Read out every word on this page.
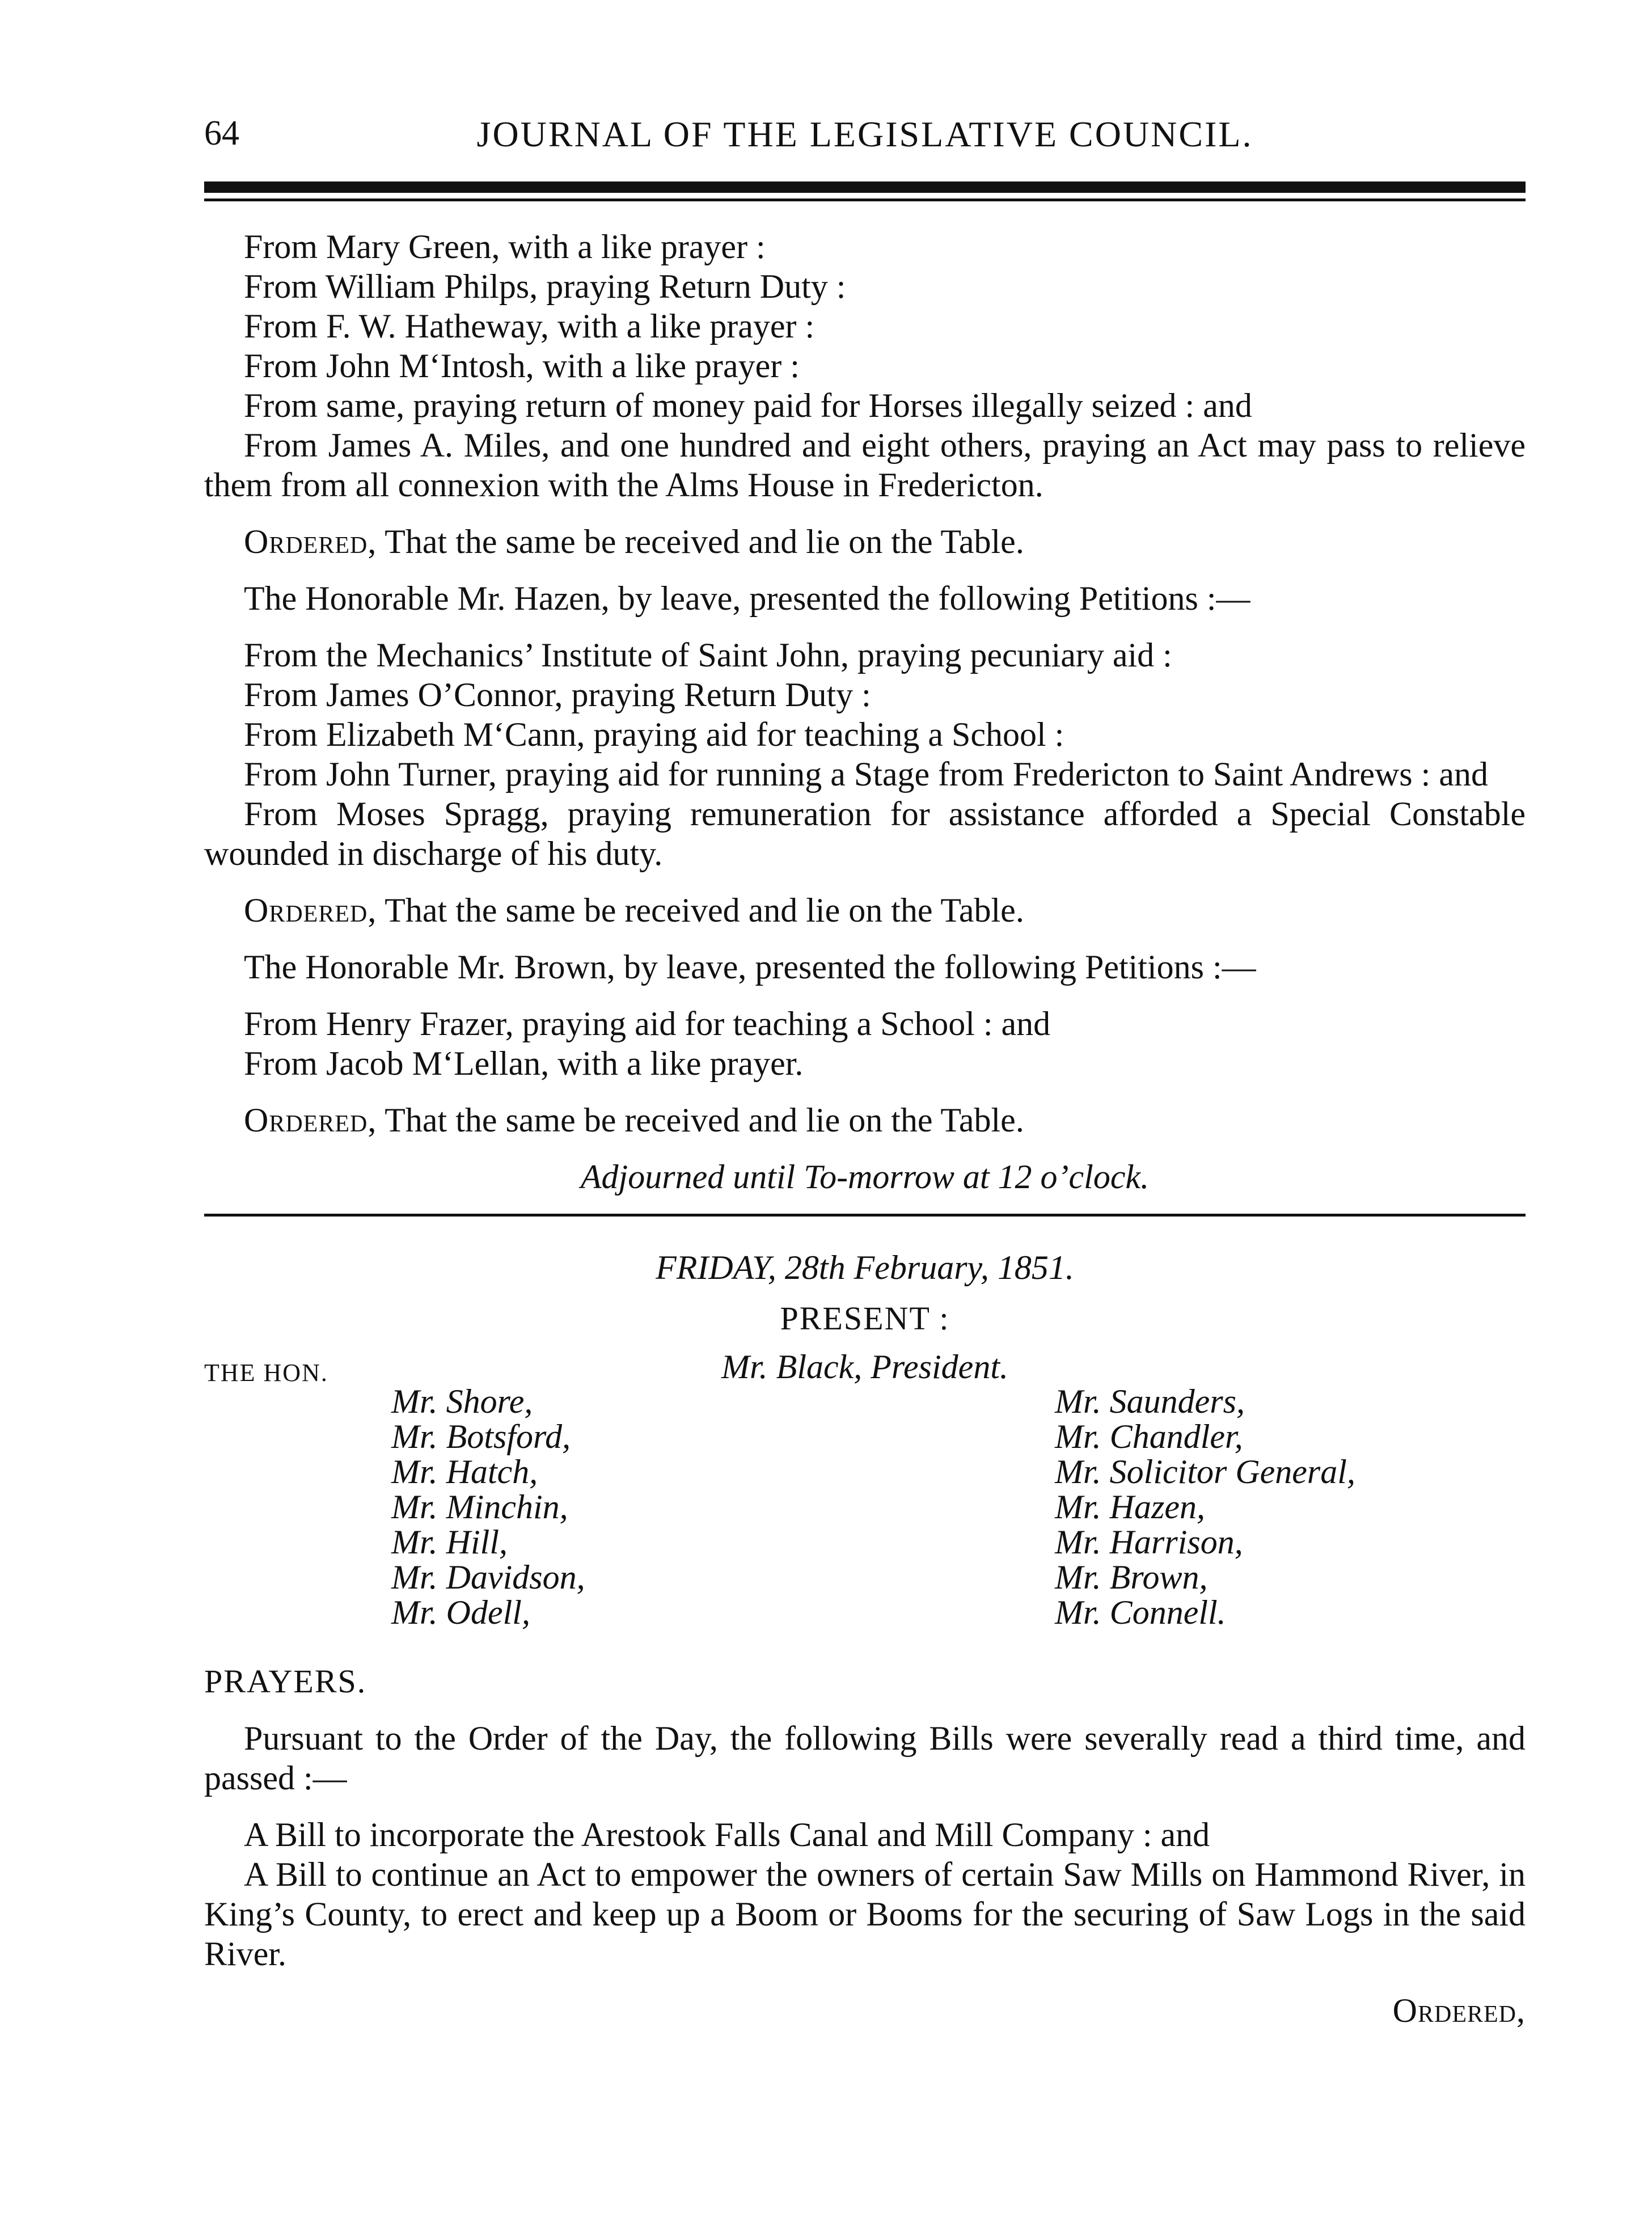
64	JOURNAL OF THE LEGISLATIVE COUNCIL.

From Mary Green, with a like prayer :

From William Philps, praying Return Duty :

From F. W. Hatheway, with a like prayer :

From John M‘Intosh, with a like prayer :

From same, praying return of money paid for Horses illegally seized : and

From James A. Miles, and one hundred and eight others, praying an Act may pass to relieve them from all connexion with the Alms House in Fredericton.

Ordered, That the same be received and lie on the Table.

The Honorable Mr. Hazen, by leave, presented the following Petitions :—

From the Mechanics’ Institute of Saint John, praying pecuniary aid :

From James O’Connor, praying Return Duty :

From Elizabeth M‘Cann, praying aid for teaching a School :

From John Turner, praying aid for running a Stage from Fredericton to Saint Andrews : and

From Moses Spragg, praying remuneration for assistance afforded a Special Constable wounded in discharge of his duty.

Ordered, That the same be received and lie on the Table.

The Honorable Mr. Brown, by leave, presented the following Petitions :—

From Henry Frazer, praying aid for teaching a School : and

From Jacob M‘Lellan, with a like prayer.

Ordered, That the same be received and lie on the Table.

Adjourned until To-morrow at 12 o’clock.

FRIDAY, 28th February, 1851.
PRESENT :
Mr. Black, President.
THE HON.

Mr. Shore,

Mr. Botsford,

Mr. Hatch,

Mr. Minchin,

Mr. Hill,

Mr. Davidson,

Mr. Odell,

Mr. Saunders,

Mr. Chandler,

Mr. Solicitor General,

Mr. Hazen,

Mr. Harrison,

Mr. Brown,

Mr. Connell.

PRAYERS.

Pursuant to the Order of the Day, the following Bills were severally read a third time, and passed :—

A Bill to incorporate the Arestook Falls Canal and Mill Company : and

A Bill to continue an Act to empower the owners of certain Saw Mills on Hammond River, in King’s County, to erect and keep up a Boom or Booms for the securing of Saw Logs in the said River.

Ordered,
